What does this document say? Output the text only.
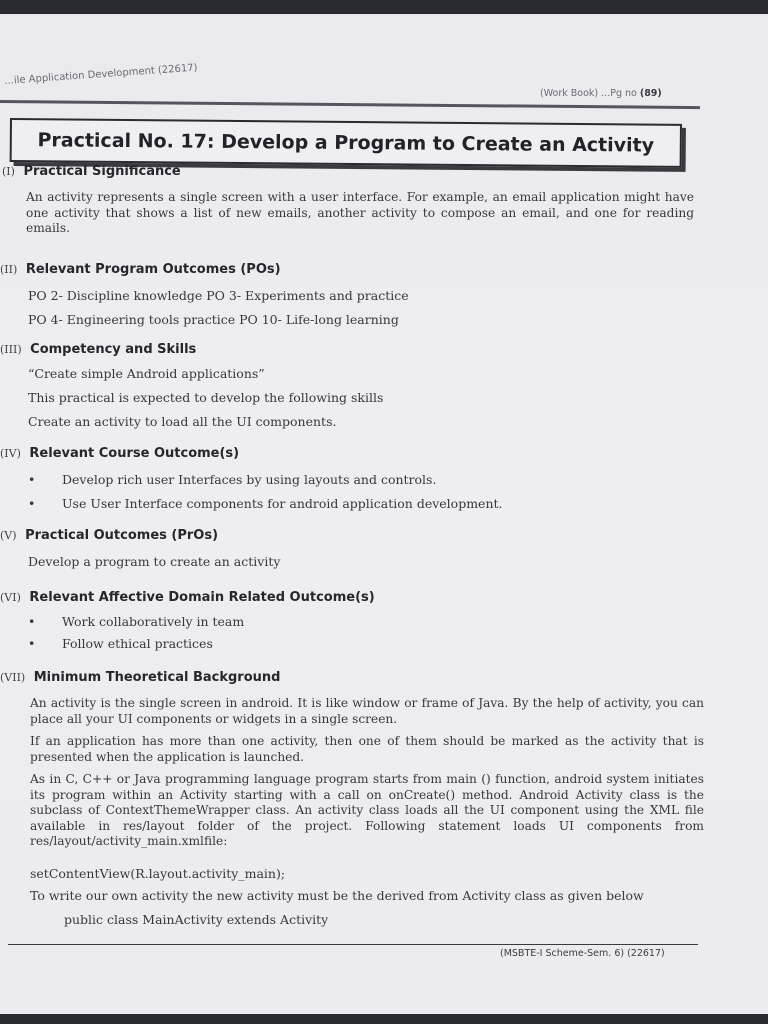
...ile Application Development (22617)
(Work Book) ...Pg no (89)
Practical No. 17: Develop a Program to Create an Activity
(I) Practical Significance
An activity represents a single screen with a user interface. For example, an email application might have one activity that shows a list of new emails, another activity to compose an email, and one for reading emails.
(II) Relevant Program Outcomes (POs)
PO 2- Discipline knowledge PO 3- Experiments and practice
PO 4- Engineering tools practice PO 10- Life-long learning
(III) Competency and Skills
“Create simple Android applications”
This practical is expected to develop the following skills
Create an activity to load all the UI components.
(IV) Relevant Course Outcome(s)
• Develop rich user Interfaces by using layouts and controls.
• Use User Interface components for android application development.
(V) Practical Outcomes (PrOs)
Develop a program to create an activity
(VI) Relevant Affective Domain Related Outcome(s)
• Work collaboratively in team
• Follow ethical practices
(VII) Minimum Theoretical Background
An activity is the single screen in android. It is like window or frame of Java. By the help of activity, you can place all your UI components or widgets in a single screen.
If an application has more than one activity, then one of them should be marked as the activity that is presented when the application is launched.
As in C, C++ or Java programming language program starts from main () function, android system initiates its program within an Activity starting with a call on onCreate() method. Android Activity class is the subclass of ContextThemeWrapper class. An activity class loads all the UI component using the XML file available in res/layout folder of the project. Following statement loads UI components from res/layout/activity_main.xmlfile:
setContentView(R.layout.activity_main);
To write our own activity the new activity must be the derived from Activity class as given below
public class MainActivity extends Activity
(MSBTE-I Scheme-Sem. 6) (22617)
